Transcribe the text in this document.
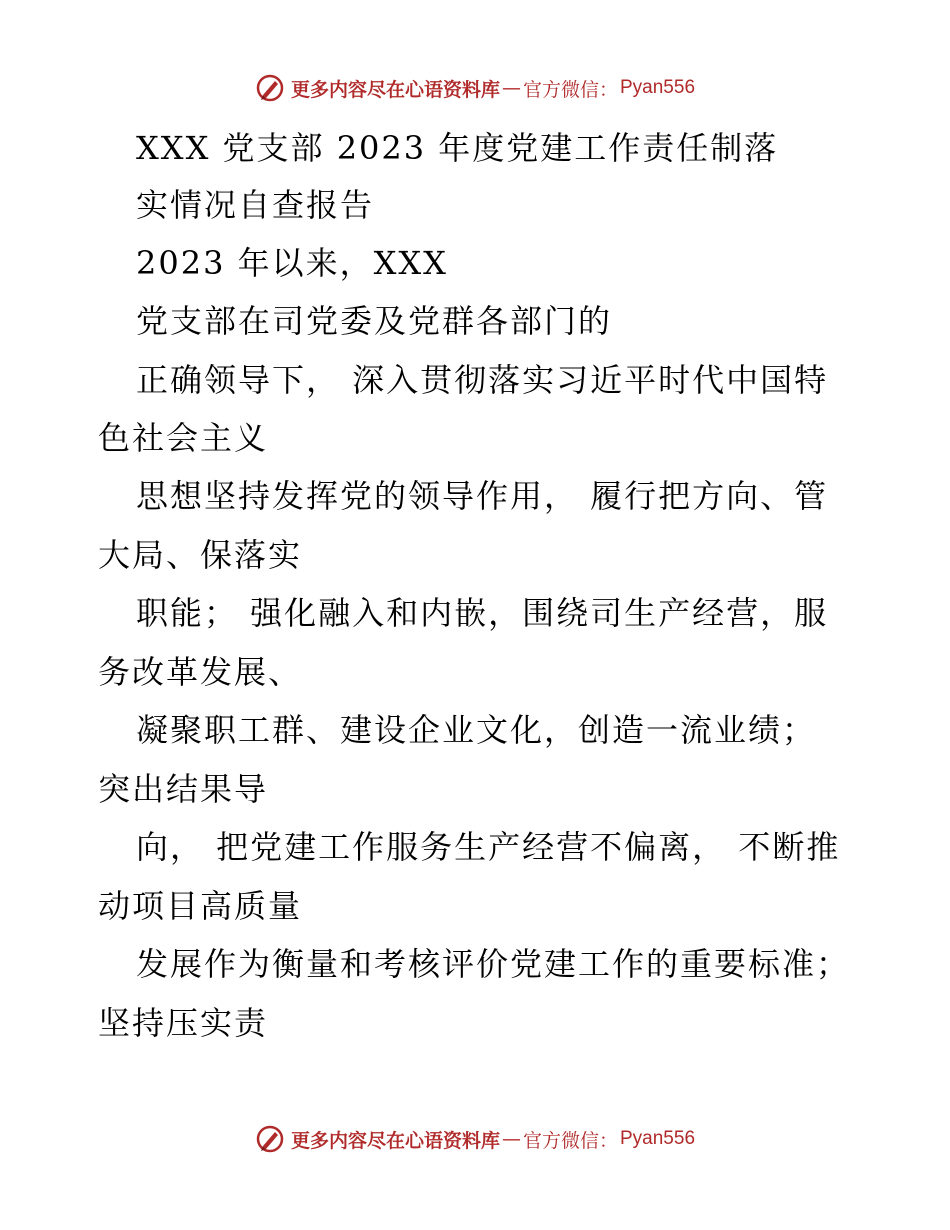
更多内容尽在心语资料库 — 官方微信： Pyan556
XXX 党支部 2023 年度党建工作责任制落
实情况自查报告
2023 年以来，XXX
党支部在司党委及党群各部门的
正确领导下， 深入贯彻落实习近平时代中国特
色社会主义
思想坚持发挥党的领导作用， 履行把方向、管
大局、保落实
职能； 强化融入和内嵌，围绕司生产经营，服
务改革发展、
凝聚职工群、建设企业文化，创造一流业绩；
突出结果导
向， 把党建工作服务生产经营不偏离， 不断推
动项目高质量
发展作为衡量和考核评价党建工作的重要标准；
坚持压实责
更多内容尽在心语资料库 — 官方微信： Pyan556
